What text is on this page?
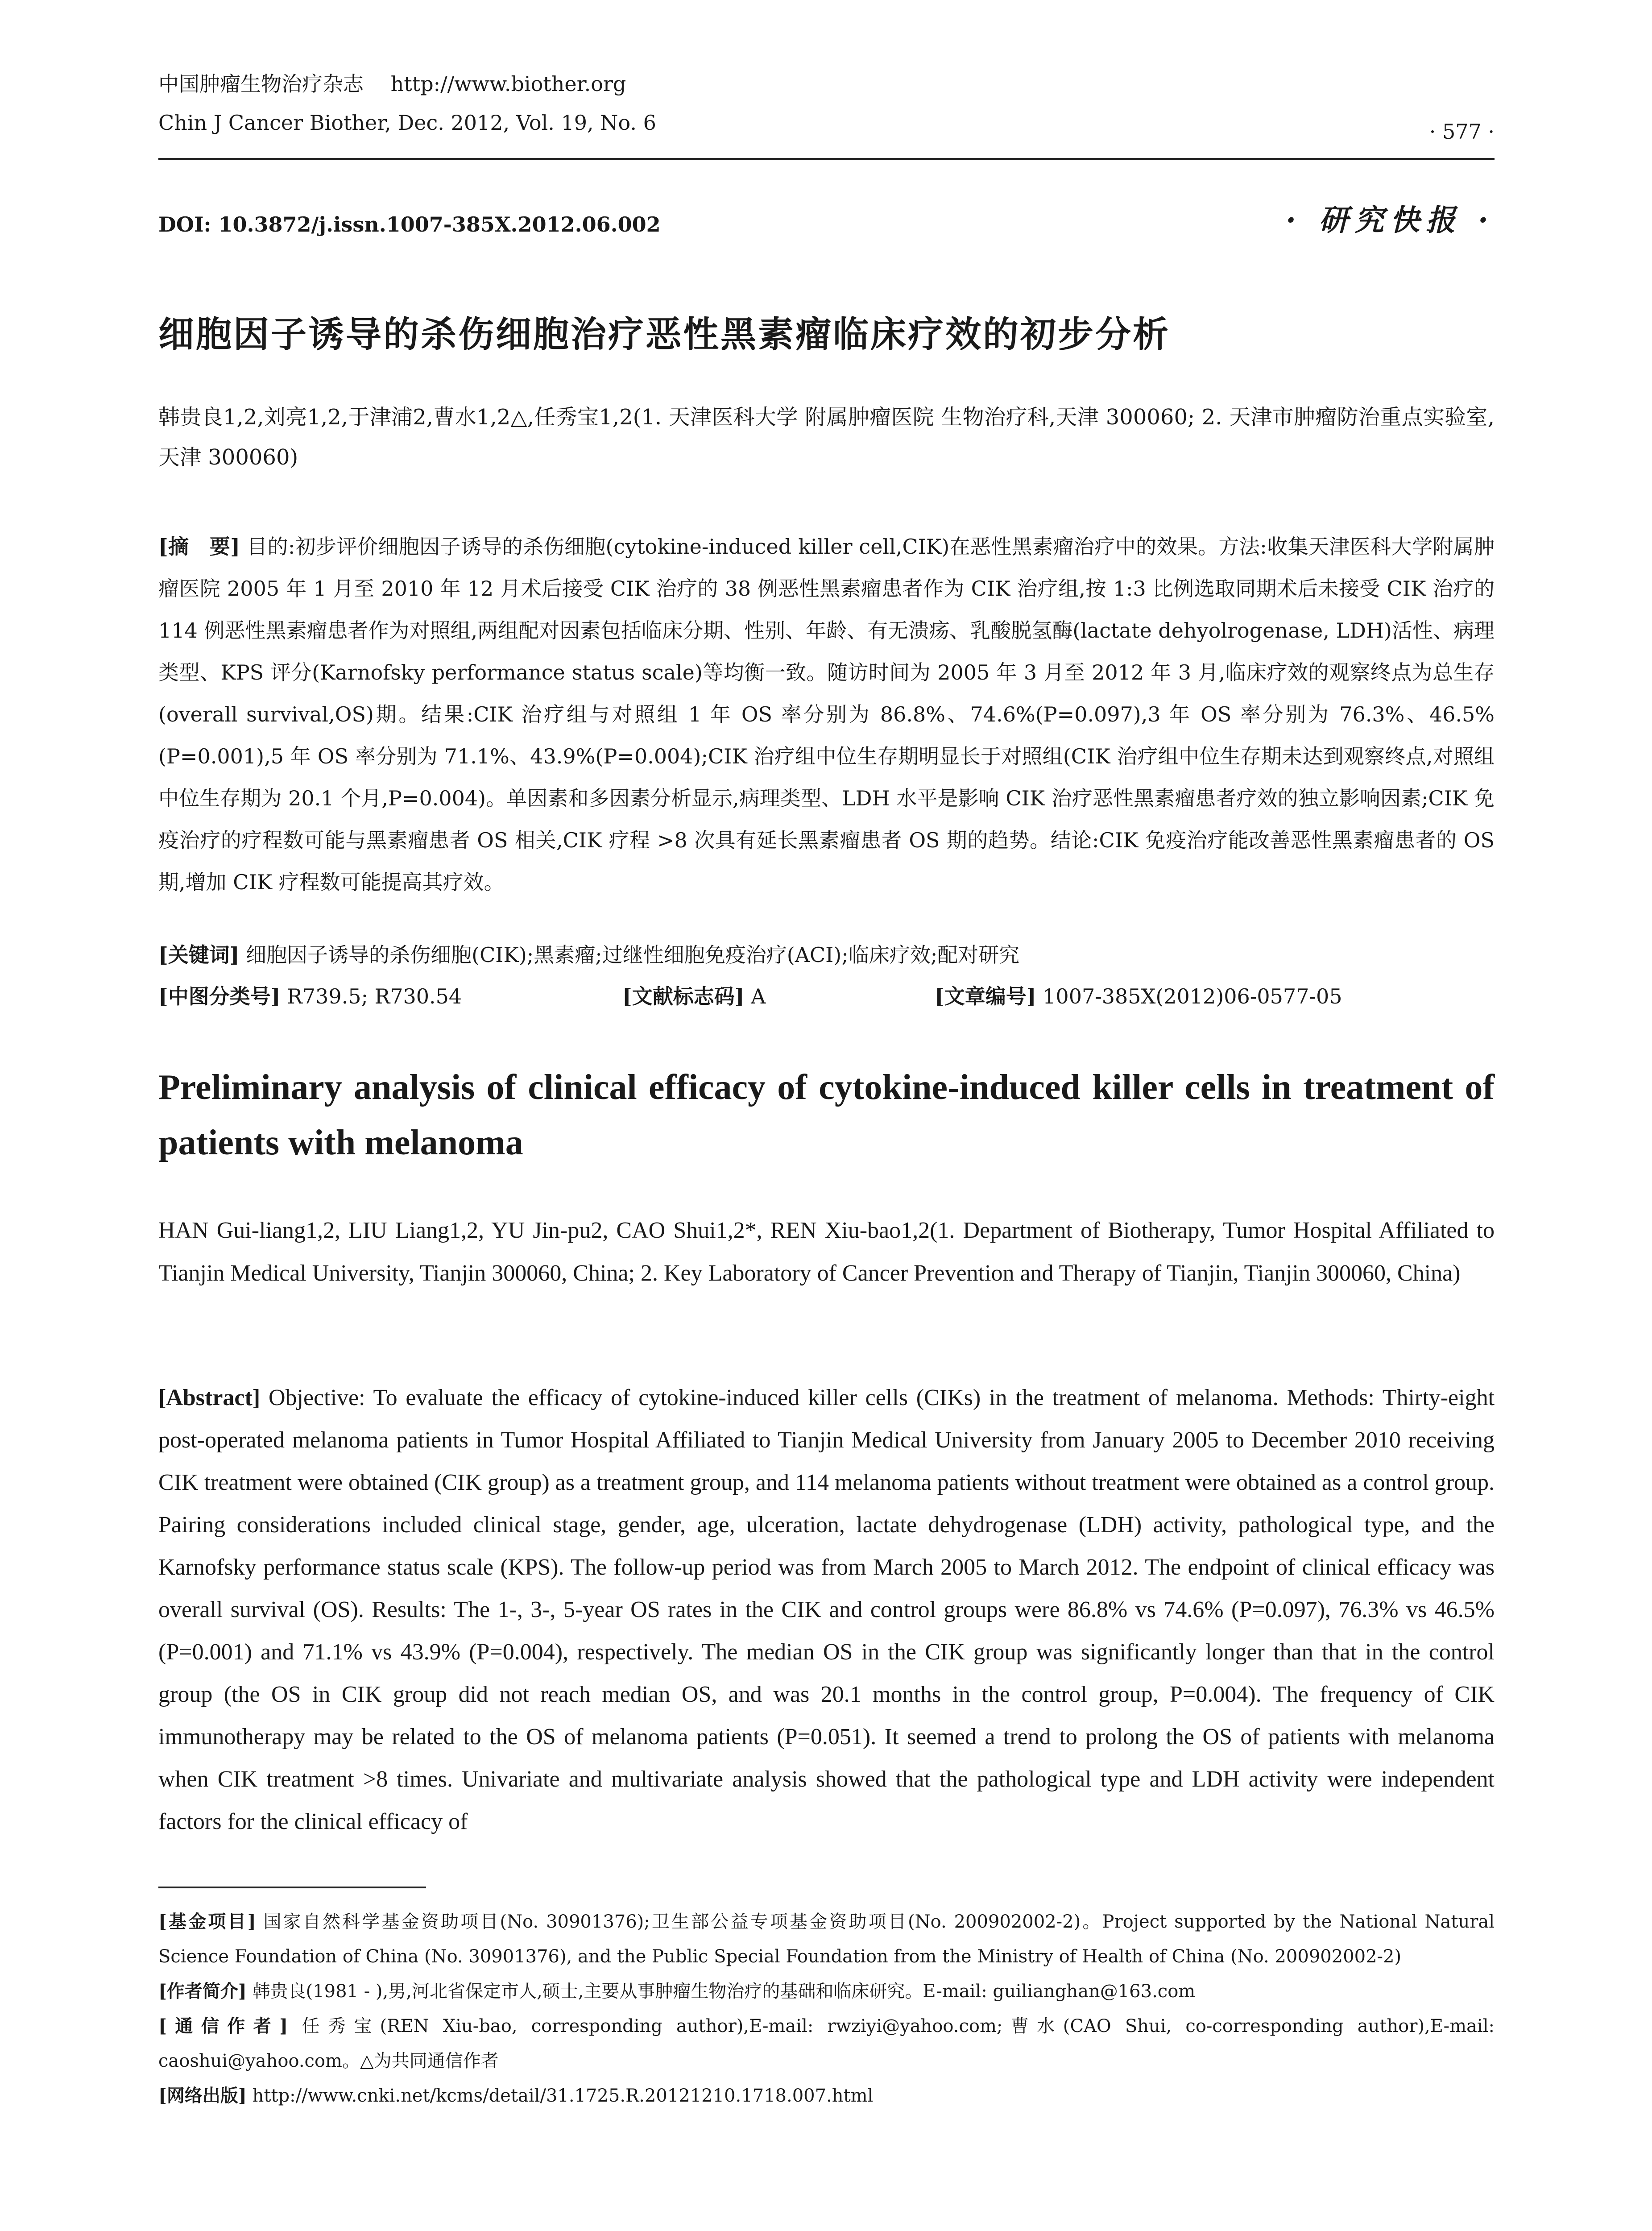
中国肿瘤生物治疗杂志　 http://www.biother.org
Chin J Cancer Biother, Dec. 2012, Vol. 19, No. 6	· 577 ·
DOI: 10.3872/j.issn.1007-385X.2012.06.002	· 研究快报 ·
细胞因子诱导的杀伤细胞治疗恶性黑素瘤临床疗效的初步分析
韩贵良1,2,刘亮1,2,于津浦2,曹水1,2△,任秀宝1,2(1. 天津医科大学 附属肿瘤医院 生物治疗科,天津 300060; 2. 天津市肿瘤防治重点实验室,天津 300060)
[摘　要] 目的:初步评价细胞因子诱导的杀伤细胞(cytokine-induced killer cell,CIK)在恶性黑素瘤治疗中的效果。方法:收集天津医科大学附属肿瘤医院 2005 年 1 月至 2010 年 12 月术后接受 CIK 治疗的 38 例恶性黑素瘤患者作为 CIK 治疗组,按 1:3 比例选取同期术后未接受 CIK 治疗的 114 例恶性黑素瘤患者作为对照组,两组配对因素包括临床分期、性别、年龄、有无溃疡、乳酸脱氢酶(lactate dehyolrogenase, LDH)活性、病理类型、KPS 评分(Karnofsky performance status scale)等均衡一致。随访时间为 2005 年 3 月至 2012 年 3 月,临床疗效的观察终点为总生存(overall survival,OS)期。结果:CIK 治疗组与对照组 1 年 OS 率分别为 86.8%、74.6%(P=0.097),3 年 OS 率分别为 76.3%、46.5%(P=0.001),5 年 OS 率分别为 71.1%、43.9%(P=0.004);CIK 治疗组中位生存期明显长于对照组(CIK 治疗组中位生存期未达到观察终点,对照组中位生存期为 20.1 个月,P=0.004)。单因素和多因素分析显示,病理类型、LDH 水平是影响 CIK 治疗恶性黑素瘤患者疗效的独立影响因素;CIK 免疫治疗的疗程数可能与黑素瘤患者 OS 相关,CIK 疗程 >8 次具有延长黑素瘤患者 OS 期的趋势。结论:CIK 免疫治疗能改善恶性黑素瘤患者的 OS 期,增加 CIK 疗程数可能提高其疗效。
[关键词] 细胞因子诱导的杀伤细胞(CIK);黑素瘤;过继性细胞免疫治疗(ACI);临床疗效;配对研究
[中图分类号] R739.5; R730.54	[文献标志码] A	[文章编号] 1007-385X(2012)06-0577-05
Preliminary analysis of clinical efficacy of cytokine-induced killer cells in treatment of patients with melanoma
HAN Gui-liang1,2, LIU Liang1,2, YU Jin-pu2, CAO Shui1,2*, REN Xiu-bao1,2(1. Department of Biotherapy, Tumor Hospital Affiliated to Tianjin Medical University, Tianjin 300060, China; 2. Key Laboratory of Cancer Prevention and Therapy of Tianjin, Tianjin 300060, China)
[Abstract] Objective: To evaluate the efficacy of cytokine-induced killer cells (CIKs) in the treatment of melanoma. Methods: Thirty-eight post-operated melanoma patients in Tumor Hospital Affiliated to Tianjin Medical University from January 2005 to December 2010 receiving CIK treatment were obtained (CIK group) as a treatment group, and 114 melanoma patients without treatment were obtained as a control group. Pairing considerations included clinical stage, gender, age, ulceration, lactate dehydrogenase (LDH) activity, pathological type, and the Karnofsky performance status scale (KPS). The follow-up period was from March 2005 to March 2012. The endpoint of clinical efficacy was overall survival (OS). Results: The 1-, 3-, 5-year OS rates in the CIK and control groups were 86.8% vs 74.6% (P=0.097), 76.3% vs 46.5% (P=0.001) and 71.1% vs 43.9% (P=0.004), respectively. The median OS in the CIK group was significantly longer than that in the control group (the OS in CIK group did not reach median OS, and was 20.1 months in the control group, P=0.004). The frequency of CIK immunotherapy may be related to the OS of melanoma patients (P=0.051). It seemed a trend to prolong the OS of patients with melanoma when CIK treatment >8 times. Univariate and multivariate analysis showed that the pathological type and LDH activity were independent factors for the clinical efficacy of

[基金项目] 国家自然科学基金资助项目(No. 30901376);卫生部公益专项基金资助项目(No. 200902002-2)。Project supported by the National Natural Science Foundation of China (No. 30901376), and the Public Special Foundation from the Ministry of Health of China (No. 200902002-2)

[作者简介] 韩贵良(1981 - ),男,河北省保定市人,硕士,主要从事肿瘤生物治疗的基础和临床研究。E-mail: guilianghan@163.com

[通信作者] 任秀宝(REN Xiu-bao, corresponding author),E-mail: rwziyi@yahoo.com;曹水(CAO Shui, co-corresponding author),E-mail: caoshui@yahoo.com。△为共同通信作者

[网络出版] http://www.cnki.net/kcms/detail/31.1725.R.20121210.1718.007.html
